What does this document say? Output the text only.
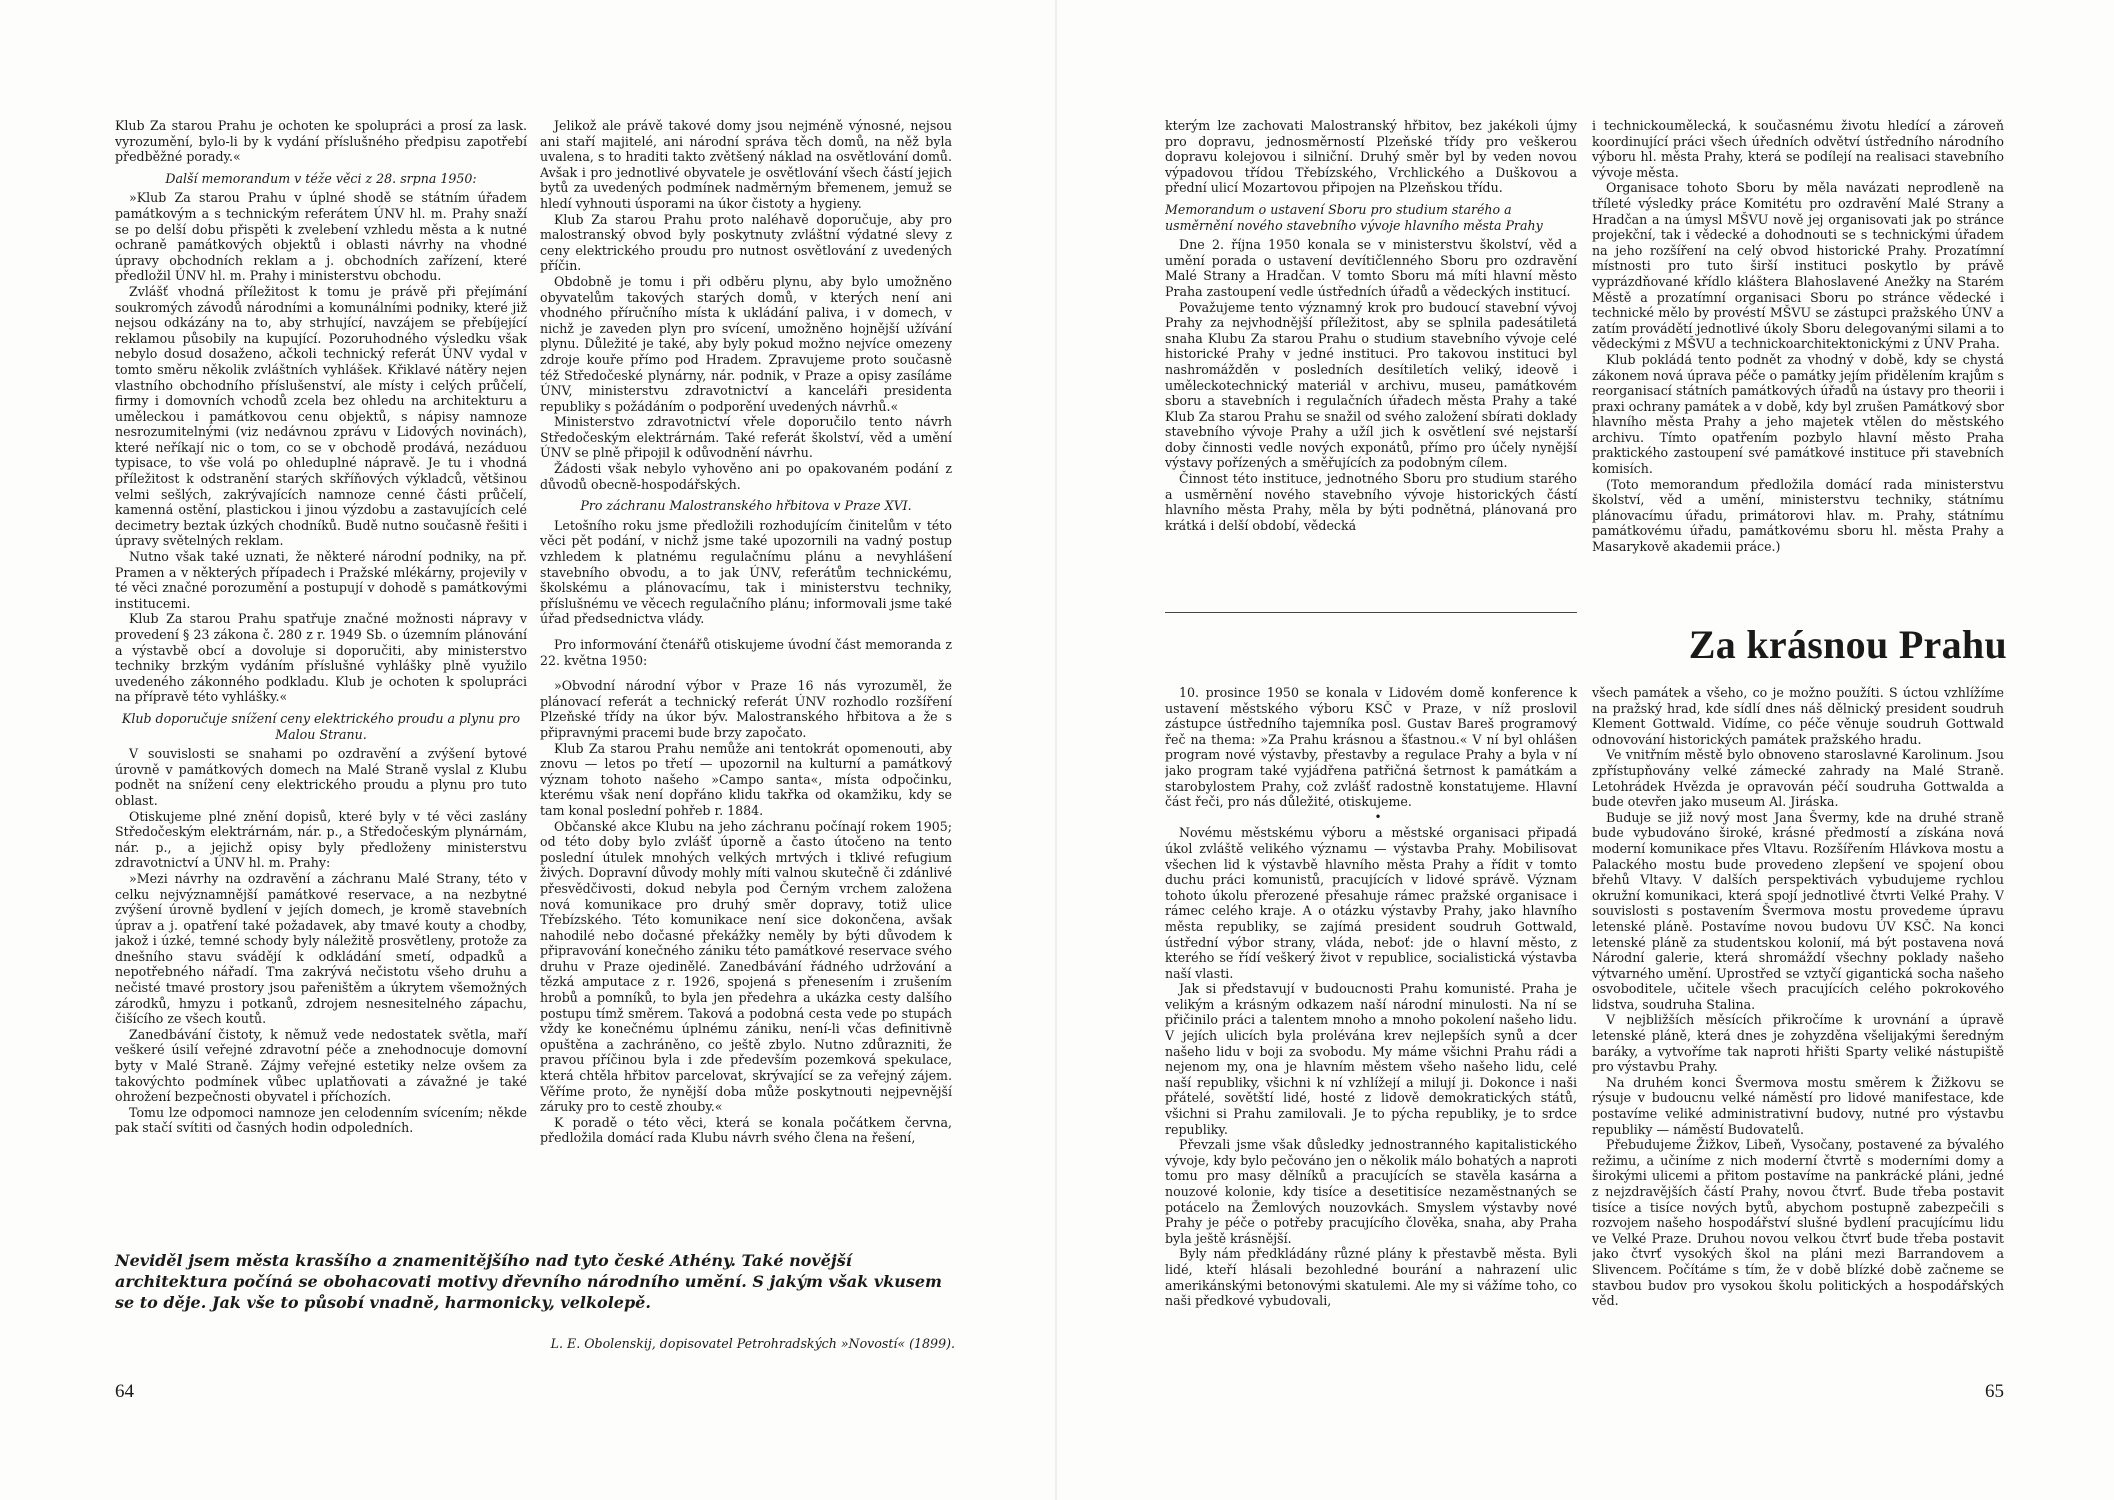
Klub Za starou Prahu je ochoten ke spolupráci a prosí za lask. vyrozumění, bylo-li by k vydání příslušného předpisu zapotřebí předběžné porady.«

Další memorandum v téže věci z 28. srpna 1950:

»Klub Za starou Prahu v úplné shodě se státním úřadem památkovým a s technickým referátem ÚNV hl. m. Prahy snaží se po delší dobu přispěti k zvelebení vzhledu města a k nutné ochraně památkových objektů i oblasti návrhy na vhodné úpravy obchodních reklam a j. obchodních zařízení, které předložil ÚNV hl. m. Prahy i ministerstvu obchodu.

Zvlášť vhodná příležitost k tomu je právě při přejímání soukromých závodů národními a komunálními podniky, které již nejsou odkázány na to, aby strhující, navzájem se přebíjející reklamou působily na kupující. Pozoruhodného výsledku však nebylo dosud dosaženo, ačkoli technický referát ÚNV vydal v tomto směru několik zvláštních vyhlášek. Křiklavé nátěry nejen vlastního obchodního příslušenství, ale místy i celých průčelí, firmy i domovních vchodů zcela bez ohledu na architekturu a uměleckou i památkovou cenu objektů, s nápisy namnoze nesrozumitelnými (viz nedávnou zprávu v Lidových novinách), které neříkají nic o tom, co se v obchodě prodává, nezáduou typisace, to vše volá po ohleduplné nápravě. Je tu i vhodná příležitost k odstranění starých skříňových výkladců, většinou velmi sešlých, zakrývajících namnoze cenné části průčelí, kamenná ostění, plastickou i jinou výzdobu a zastavujících celé decimetry beztak úzkých chodníků. Budě nutno současně řešiti i úpravy světelných reklam.

Nutno však také uznati, že některé národní podniky, na př. Pramen a v některých případech i Pražské mlékárny, projevily v té věci značné porozumění a postupují v dohodě s památkovými institucemi.

Klub Za starou Prahu spatřuje značné možnosti nápravy v provedení § 23 zákona č. 280 z r. 1949 Sb. o územním plánování a výstavbě obcí a dovoluje si doporučiti, aby ministerstvo techniky brzkým vydáním příslušné vyhlášky plně využilo uvedeného zákonného podkladu. Klub je ochoten k spolupráci na přípravě této vyhlášky.«

Klub doporučuje snížení ceny elektrického proudu a plynu pro Malou Stranu.

V souvislosti se snahami po ozdravění a zvýšení bytové úrovně v památkových domech na Malé Straně vyslal z Klubu podnět na snížení ceny elektrického proudu a plynu pro tuto oblast.

Otiskujeme plné znění dopisů, které byly v té věci zaslány Středočeským elektrárnám, nár. p., a Středočeským plynárnám, nár. p., a jejichž opisy byly předloženy ministerstvu zdravotnictví a ÚNV hl. m. Prahy:

»Mezi návrhy na ozdravění a záchranu Malé Strany, této v celku nejvýznamnější památkové reservace, a na nezbytné zvýšení úrovně bydlení v jejích domech, je kromě stavebních úprav a j. opatření také požadavek, aby tmavé kouty a chodby, jakož i úzké, temné schody byly náležitě prosvětleny, protože za dnešního stavu svádějí k odkládání smetí, odpadků a nepotřebného nářadí. Tma zakrývá nečistotu všeho druhu a nečisté tmavé prostory jsou pařeništěm a úkrytem všemožných zárodků, hmyzu i potkanů, zdrojem nesnesitelného zápachu, čišícího ze všech koutů.

Zanedbávání čistoty, k němuž vede nedostatek světla, maří veškeré úsilí veřejné zdravotní péče a znehodnocuje domovní byty v Malé Straně. Zájmy veřejné estetiky nelze ovšem za takovýchto podmínek vůbec uplatňovati a závažné je také ohrožení bezpečnosti obyvatel i příchozích.

Tomu lze odpomoci namnoze jen celodenním svícením; někde pak stačí svítiti od časných hodin odpoledních.

Jelikož ale právě takové domy jsou nejméně výnosné, nejsou ani staří majitelé, ani národní správa těch domů, na něž byla uvalena, s to hraditi takto zvětšený náklad na osvětlování domů. Avšak i pro jednotlivé obyvatele je osvětlování všech částí jejich bytů za uvedených podmínek nadměrným břemenem, jemuž se hledí vyhnouti úsporami na úkor čistoty a hygieny.

Klub Za starou Prahu proto naléhavě doporučuje, aby pro malostranský obvod byly poskytnuty zvláštní výdatné slevy z ceny elektrického proudu pro nutnost osvětlování z uvedených příčin.

Obdobně je tomu i při odběru plynu, aby bylo umožněno obyvatelům takových starých domů, v kterých není ani vhodného příručního místa k ukládání paliva, i v domech, v nichž je zaveden plyn pro svícení, umožněno hojnější užívání plynu. Důležité je také, aby byly pokud možno nejvíce omezeny zdroje kouře přímo pod Hradem. Zpravujeme proto současně též Středočeské plynárny, nár. podnik, v Praze a opisy zasíláme ÚNV, ministerstvu zdravotnictví a kanceláři presidenta republiky s požádáním o podporění uvedených návrhů.«

Ministerstvo zdravotnictví vřele doporučilo tento návrh Středočeským elektrárnám. Také referát školství, věd a umění ÚNV se plně připojil k odůvodnění návrhu.

Žádosti však nebylo vyhověno ani po opakovaném podání z důvodů obecně-hospodářských.

Pro záchranu Malostranského hřbitova v Praze XVI.

Letošního roku jsme předložili rozhodujícím činitelům v této věci pět podání, v nichž jsme také upozornili na vadný postup vzhledem k platnému regulačnímu plánu a nevyhlášení stavebního obvodu, a to jak ÚNV, referátům technickému, školskému a plánovacímu, tak i ministerstvu techniky, příslušnému ve věcech regulačního plánu; informovali jsme také úřad předsednictva vlády.

Pro informování čtenářů otiskujeme úvodní část memoranda z 22. května 1950:

»Obvodní národní výbor v Praze 16 nás vyrozuměl, že plánovací referát a technický referát ÚNV rozhodlo rozšíření Plzeňské třídy na úkor býv. Malostranského hřbitova a že s připravnými pracemi bude brzy započato.

Klub Za starou Prahu nemůže ani tentokrát opomenouti, aby znovu — letos po třetí — upozornil na kulturní a památkový význam tohoto našeho »Campo santa«, místa odpočinku, kterému však není dopřáno klidu takřka od okamžiku, kdy se tam konal poslední pohřeb r. 1884.

Občanské akce Klubu na jeho záchranu počínají rokem 1905; od této doby bylo zvlášť úporně a často útočeno na tento poslední útulek mnohých velkých mrtvých i tklivé refugium živých. Dopravní důvody mohly míti valnou skutečně či zdánlivé přesvědčivosti, dokud nebyla pod Černým vrchem založena nová komunikace pro druhý směr dopravy, totiž ulice Třebízského. Této komunikace není sice dokončena, avšak nahodilé nebo dočasné překážky neměly by býti důvodem k připravování konečného zániku této památkové reservace svého druhu v Praze ojedinělé. Zanedbávání řádného udržování a tězká amputace z r. 1926, spojená s přenesením i zrušením hrobů a pomníků, to byla jen předehra a ukázka cesty dalšího postupu tímž směrem. Taková a podobná cesta vede po stupách vždy ke konečnému úplnému zániku, není-li včas definitivně opuštěna a zachráněno, co ještě zbylo. Nutno zdůrazniti, že pravou příčinou byla i zde především pozemková spekulace, která chtěla hřbitov parcelovat, skrývající se za veřejný zájem. Věříme proto, že nynější doba může poskytnouti nejpevnější záruky pro to cestě zhouby.«

K poradě o této věci, která se konala počátkem června, předložila domácí rada Klubu návrh svého člena na řešení,

Neviděl jsem města krasšího a znamenitějšího nad tyto české Athény. Také novější architektura počíná se obohacovati motivy dřevního národního umění. S jakým však vkusem se to děje. Jak vše to působí vnadně, harmonicky, velkolepě.

L. E. Obolenskij, dopisovatel Petrohradských »Novostí« (1899).
64

kterým lze zachovati Malostranský hřbitov, bez jakékoli újmy pro dopravu, jednosměrností Plzeňské třídy pro veškerou dopravu kolejovou i silniční. Druhý směr byl by veden novou výpadovou třídou Třebízského, Vrchlického a Duškovou a přední ulicí Mozartovou připojen na Plzeňskou třídu.

Memorandum o ustavení Sboru pro studium starého a usměrnění nového stavebního vývoje hlavního města Prahy

Dne 2. října 1950 konala se v ministerstvu školství, věd a umění porada o ustavení devítičlenného Sboru pro ozdravění Malé Strany a Hradčan. V tomto Sboru má míti hlavní město Praha zastoupení vedle ústředních úřadů a vědeckých institucí.

Považujeme tento významný krok pro budoucí stavební vývoj Prahy za nejvhodnější příležitost, aby se splnila padesátiletá snaha Klubu Za starou Prahu o studium stavebního vývoje celé historické Prahy v jedné instituci. Pro takovou instituci byl nashromážděn v posledních desítiletích veliký, ideově i uměleckotechnický materiál v archivu, museu, památkovém sboru a stavebních i regulačních úřadech města Prahy a také Klub Za starou Prahu se snažil od svého založení sbírati doklady stavebního vývoje Prahy a užíl jich k osvětlení své nejstarší doby činnosti vedle nových exponátů, přímo pro účely nynější výstavy pořízených a směřujících za podobným cílem.

Činnost této instituce, jednotného Sboru pro studium starého a usměrnění nového stavebního vývoje historických částí hlavního města Prahy, měla by býti podnětná, plánovaná pro krátká i delší období, vědecká

i technickoumělecká, k současnému životu hledící a zároveň koordinující práci všech úředních odvětví ústředního národního výboru hl. města Prahy, která se podílejí na realisaci stavebního vývoje města.

Organisace tohoto Sboru by měla navázati neprodleně na tříleté výsledky práce Komitétu pro ozdravění Malé Strany a Hradčan a na úmysl MŠVU nově jej organisovati jak po stránce projekční, tak i vědecké a dohodnouti se s technickými úřadem na jeho rozšíření na celý obvod historické Prahy. Prozatímní místnosti pro tuto širší instituci poskytlo by právě vyprázdňované křídlo kláštera Blahoslavené Anežky na Starém Městě a prozatímní organisaci Sboru po stránce vědecké i technické mělo by provéstí MŠVU se zástupci pražského ÚNV a zatím provádětí jednotlivé úkoly Sboru delegovanými silami a to vědeckými z MŠVU a technickoarchitektonickými z ÚNV Praha.

Klub pokládá tento podnět za vhodný v době, kdy se chystá zákonem nová úprava péče o památky jejím přidělením krajům s reorganisací státních památkových úřadů na ústavy pro theorii i praxi ochrany památek a v době, kdy byl zrušen Památkový sbor hlavního města Prahy a jeho majetek vtělen do městského archivu. Tímto opatřením pozbylo hlavní město Praha praktického zastoupení své památkové instituce při stavebních komisích.

(Toto memorandum předložila domácí rada ministerstvu školství, věd a umění, ministerstvu techniky, státnímu plánovacímu úřadu, primátorovi hlav. m. Prahy, státnímu památkovému úřadu, památkovému sboru hl. města Prahy a Masarykově akademii práce.)

Za krásnou Prahu

10. prosince 1950 se konala v Lidovém domě konference k ustavení městského výboru KSČ v Praze, v níž proslovil zástupce ústředního tajemníka posl. Gustav Bareš programový řeč na thema: »Za Prahu krásnou a šťastnou.« V ní byl ohlášen program nové výstavby, přestavby a regulace Prahy a byla v ní jako program také vyjádřena patřičná šetrnost k památkám a starobylostem Prahy, což zvlášť radostně konstatujeme. Hlavní část řeči, pro nás důležité, otiskujeme.

•

Novému městskému výboru a městské organisaci připadá úkol zvláště velikého významu — výstavba Prahy. Mobilisovat všechen lid k výstavbě hlavního města Prahy a řídit v tomto duchu práci komunistů, pracujících v lidové správě. Význam tohoto úkolu přerozené přesahuje rámec pražské organisace i rámec celého kraje. A o otázku výstavby Prahy, jako hlavního města republiky, se zajímá president soudruh Gottwald, ústřední výbor strany, vláda, neboť: jde o hlavní město, z kterého se řídí veškerý život v republice, socialistická výstavba naší vlasti.

Jak si představují v budoucnosti Prahu komunisté. Praha je velikým a krásným odkazem naší národní minulosti. Na ní se přičinilo práci a talentem mnoho a mnoho pokolení našeho lidu. V jejích ulicích byla prolévána krev nejlepších synů a dcer našeho lidu v boji za svobodu. My máme všichni Prahu rádi a nejenom my, ona je hlavním městem všeho našeho lidu, celé naší republiky, všichni k ní vzhlížejí a milují ji. Dokonce i naši přátelé, sovětští lidé, hosté z lidově demokratických států, všichni si Prahu zamilovali. Je to pýcha republiky, je to srdce republiky.

Převzali jsme však důsledky jednostranného kapitalistického vývoje, kdy bylo pečováno jen o několik málo bohatých a naproti tomu pro masy dělníků a pracujících se stavěla kasárna a nouzové kolonie, kdy tisíce a desetitisíce nezaměstnaných se potácelo na Žemlových nouzovkách. Smyslem výstavby nové Prahy je péče o potřeby pracujícího člověka, snaha, aby Praha byla ještě krásnější.

Byly nám předkládány různé plány k přestavbě města. Byli lidé, kteří hlásali bezohledné bourání a nahrazení ulic amerikánskými betonovými skatulemi. Ale my si vážíme toho, co naši předkové vybudovali,

všech památek a všeho, co je možno použíti. S úctou vzhlížíme na pražský hrad, kde sídlí dnes náš dělnický president soudruh Klement Gottwald. Vidíme, co péče věnuje soudruh Gottwald odnovování historických památek pražského hradu.

Ve vnitřním městě bylo obnoveno staroslavné Karolinum. Jsou zpřístupňovány velké zámecké zahrady na Malé Straně. Letohrádek Hvězda je opravován péčí soudruha Gottwalda a bude otevřen jako museum Al. Jiráska.

Buduje se již nový most Jana Švermy, kde na druhé straně bude vybudováno široké, krásné předmostí a získána nová moderní komunikace přes Vltavu. Rozšířením Hlávkova mostu a Palackého mostu bude provedeno zlepšení ve spojení obou břehů Vltavy. V dalších perspektivách vybudujeme rychlou okružní komunikaci, která spojí jednotlivé čtvrti Velké Prahy. V souvislosti s postavením Švermova mostu provedeme úpravu letenské pláně. Postavíme novou budovu ÚV KSČ. Na konci letenské pláně za studentskou kolonií, má být postavena nová Národní galerie, která shromáždí všechny poklady našeho výtvarného umění. Uprostřed se vztyčí gigantická socha našeho osvoboditele, učitele všech pracujících celého pokrokového lidstva, soudruha Stalina.

V nejbližších měsících přikročíme k urovnání a úpravě letenské pláně, která dnes je zohyzděna všelijakými šeredným baráky, a vytvoříme tak naproti hřišti Sparty veliké nástupiště pro výstavbu Prahy.

Na druhém konci Švermova mostu směrem k Žižkovu se rýsuje v budoucnu velké náměstí pro lidové manifestace, kde postavíme veliké administrativní budovy, nutné pro výstavbu republiky — náměstí Budovatelů.

Přebudujeme Žižkov, Libeň, Vysočany, postavené za bývalého režimu, a učiníme z nich moderní čtvrtě s moderními domy a širokými ulicemi a přitom postavíme na pankrácké pláni, jedné z nejzdravějších částí Prahy, novou čtvrť. Bude třeba postavit tisíce a tisíce nových bytů, abychom postupně zabezpečili s rozvojem našeho hospodářství slušné bydlení pracujícímu lidu ve Velké Praze. Druhou novou velkou čtvrť bude třeba postavit jako čtvrť vysokých škol na pláni mezi Barrandovem a Slivencem. Počítáme s tím, že v době blízké době začneme se stavbou budov pro vysokou školu politických a hospodářských věd.

65
